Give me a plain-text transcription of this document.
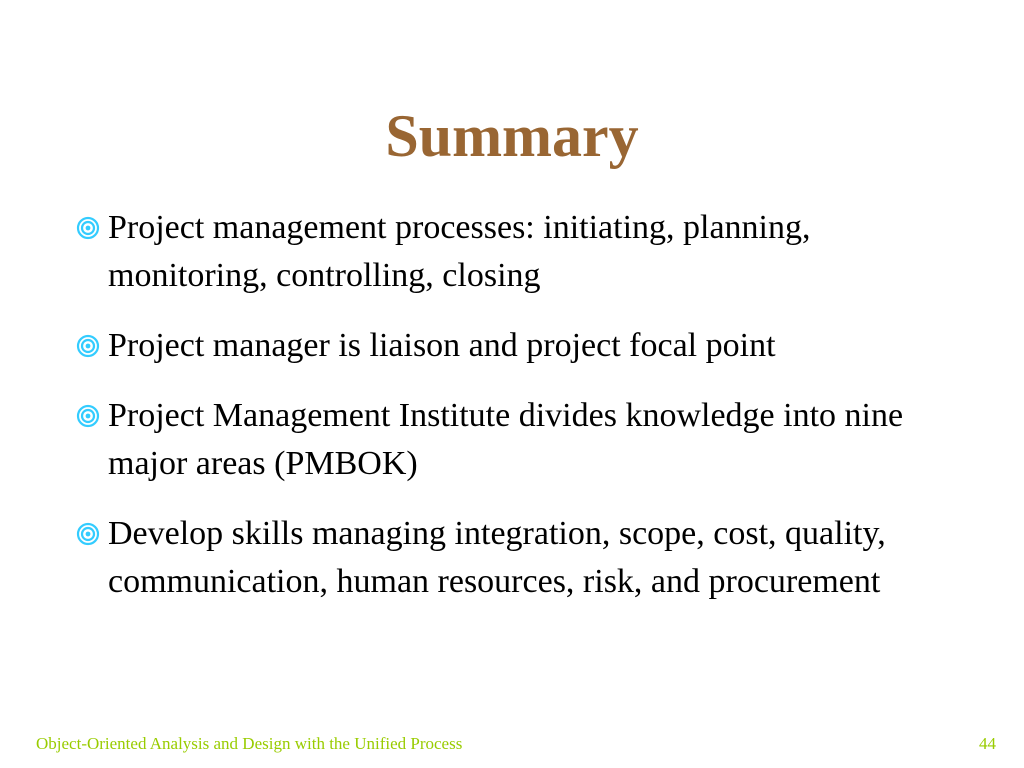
Summary
Project management processes: initiating, planning, monitoring, controlling, closing
Project manager is liaison and project focal point
Project Management Institute divides knowledge into nine major areas (PMBOK)
Develop skills managing integration, scope, cost, quality, communication, human resources, risk, and procurement
Object-Oriented Analysis and Design with the Unified Process	44
